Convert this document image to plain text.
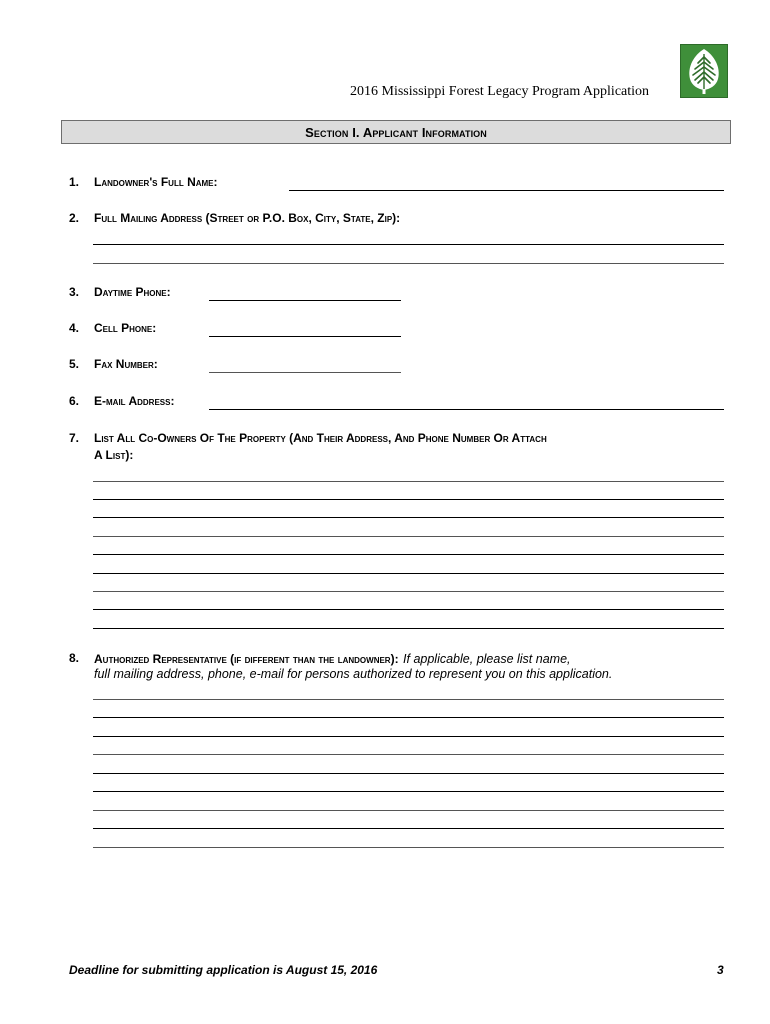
2016 Mississippi Forest Legacy Program Application
Section I. Applicant Information
1. Landowner's Full Name:
2. Full Mailing Address (Street or P.O. Box, City, State, Zip):
3. Daytime Phone:
4. Cell Phone:
5. Fax Number:
6. E-mail Address:
7. List All Co-Owners Of The Property (And Their Address, And Phone Number Or Attach
A List):
8. Authorized Representative (if different than the landowner): If applicable, please list name,
full mailing address, phone, e-mail for persons authorized to represent you on this application.
Deadline for submitting application is August 15, 2016	3
